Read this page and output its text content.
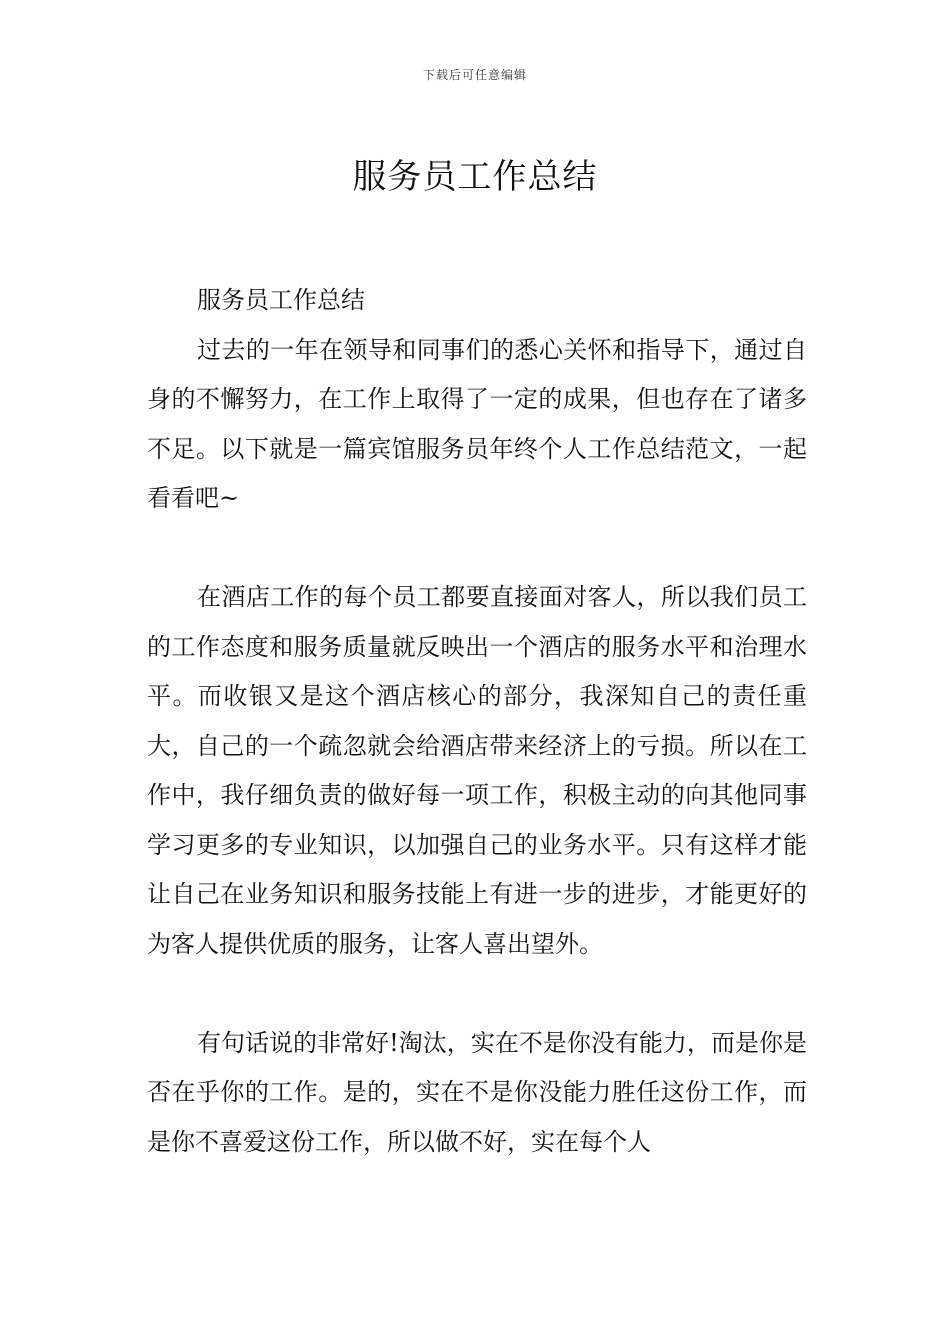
下载后可任意编辑
服务员工作总结

服务员工作总结

过去的一年在领导和同事们的悉心关怀和指导下，通过自身的不懈努力，在工作上取得了一定的成果，但也存在了诸多不足。以下就是一篇宾馆服务员年终个人工作总结范文，一起看看吧~

在酒店工作的每个员工都要直接面对客人，所以我们员工的工作态度和服务质量就反映出一个酒店的服务水平和治理水平。而收银又是这个酒店核心的部分，我深知自己的责任重大，自己的一个疏忽就会给酒店带来经济上的亏损。所以在工作中，我仔细负责的做好每一项工作，积极主动的向其他同事学习更多的专业知识，以加强自己的业务水平。只有这样才能让自己在业务知识和服务技能上有进一步的进步，才能更好的为客人提供优质的服务，让客人喜出望外。

有句话说的非常好!淘汰，实在不是你没有能力，而是你是否在乎你的工作。是的，实在不是你没能力胜任这份工作，而是你不喜爱这份工作，所以做不好，实在每个人
